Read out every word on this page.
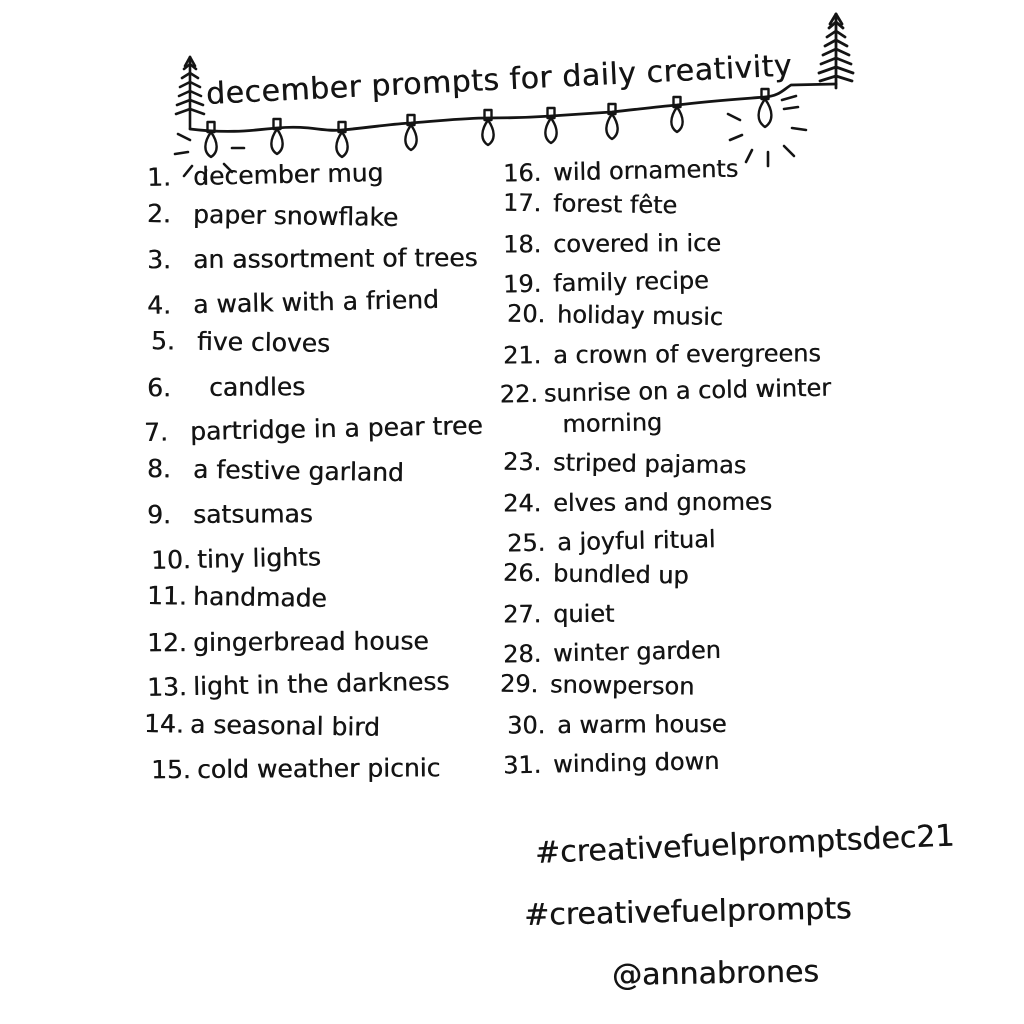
december prompts for daily creativity
1. december mug
2. paper snowflake
3. an assortment of trees
4. a walk with a friend
5. five cloves
6.	candles
7. partridge in a pear tree
8. a festive garland
9. satsumas
10. tiny lights
11. handmade
12. gingerbread house
13. light in the darkness
14. a seasonal bird
15. cold weather picnic
16. wild ornaments
17. forest fête
18. covered in ice
19. family recipe
20. holiday music
21. a crown of evergreens
22. sunrise on a cold winter
morning
23. striped pajamas
24. elves and gnomes
25. a joyful ritual
26. bundled up
27. quiet
28. winter garden
29. snowperson
30. a warm house
31. winding down
#creativefuelpromptsdec21
#creativefuelprompts
@annabrones
